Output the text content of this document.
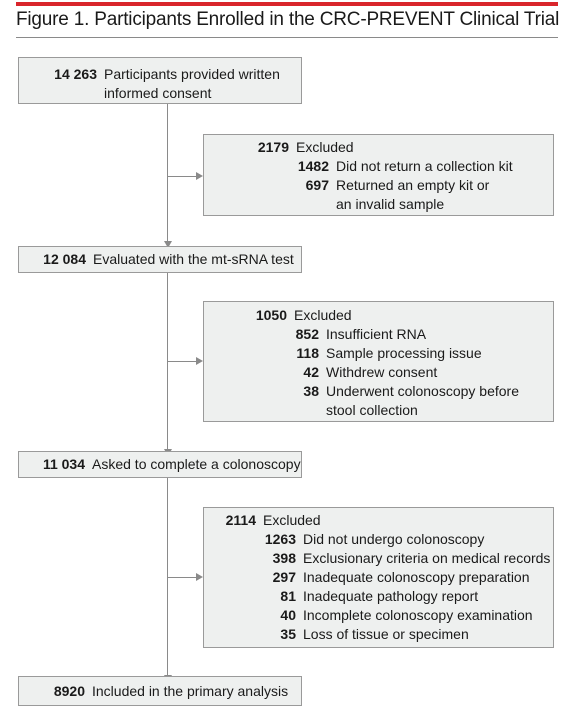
Figure 1. Participants Enrolled in the CRC-PREVENT Clinical Trial
14 263 Participants provided written
informed consent
2179 Excluded
1482 Did not return a collection kit
697 Returned an empty kit or
an invalid sample
12 084 Evaluated with the mt-sRNA test
1050 Excluded
852 Insufficient RNA
118 Sample processing issue
42 Withdrew consent
38 Underwent colonoscopy before
stool collection
11 034 Asked to complete a colonoscopy
2114 Excluded
1263 Did not undergo colonoscopy
398 Exclusionary criteria on medical records
297 Inadequate colonoscopy preparation
81 Inadequate pathology report
40 Incomplete colonoscopy examination
35 Loss of tissue or specimen
8920 Included in the primary analysis
